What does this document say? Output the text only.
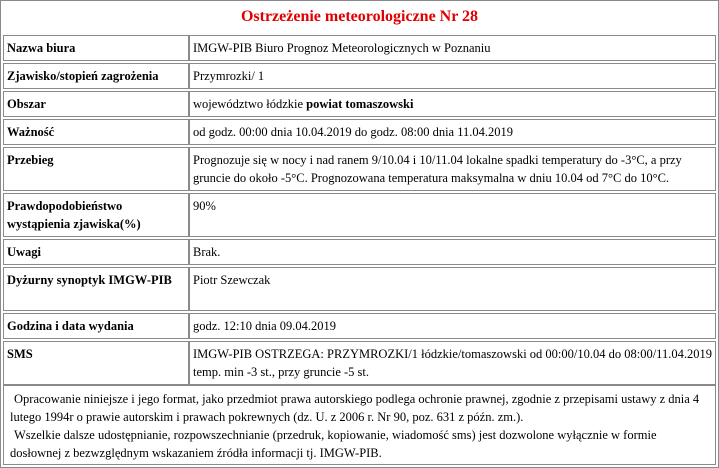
Ostrzeżenie meteorologiczne Nr 28
Nazwa biura	IMGW-PIB Biuro Prognoz Meteorologicznych w Poznaniu
Zjawisko/stopień zagrożenia	Przymrozki/ 1
Obszar	województwo łódzkie powiat tomaszowski
Ważność	od godz. 00:00 dnia 10.04.2019 do godz. 08:00 dnia 11.04.2019
Przebieg	Prognozuje się w nocy i nad ranem 9/10.04 i 10/11.04 lokalne spadki temperatury do -3°C, a przy gruncie do około -5°C. Prognozowana temperatura maksymalna w dniu 10.04 od 7°C do 10°C.
Prawdopodobieństwo wystąpienia zjawiska(%)	90%
Uwagi	Brak.
Dyżurny synoptyk IMGW-PIB	Piotr Szewczak
Godzina i data wydania	godz. 12:10 dnia 09.04.2019
SMS	IMGW-PIB OSTRZEGA: PRZYMROZKI/1 łódzkie/tomaszowski od 00:00/10.04 do 08:00/11.04.2019 temp. min -3 st., przy gruncie -5 st.

Opracowanie niniejsze i jego format, jako przedmiot prawa autorskiego podlega ochronie prawnej, zgodnie z przepisami ustawy z dnia 4 lutego 1994r o prawie autorskim i prawach pokrewnych (dz. U. z 2006 r. Nr 90, poz. 631 z późn. zm.).

Wszelkie dalsze udostępnianie, rozpowszechnianie (przedruk, kopiowanie, wiadomość sms) jest dozwolone wyłącznie w formie dosłownej z bezwzględnym wskazaniem źródła informacji tj. IMGW-PIB.
